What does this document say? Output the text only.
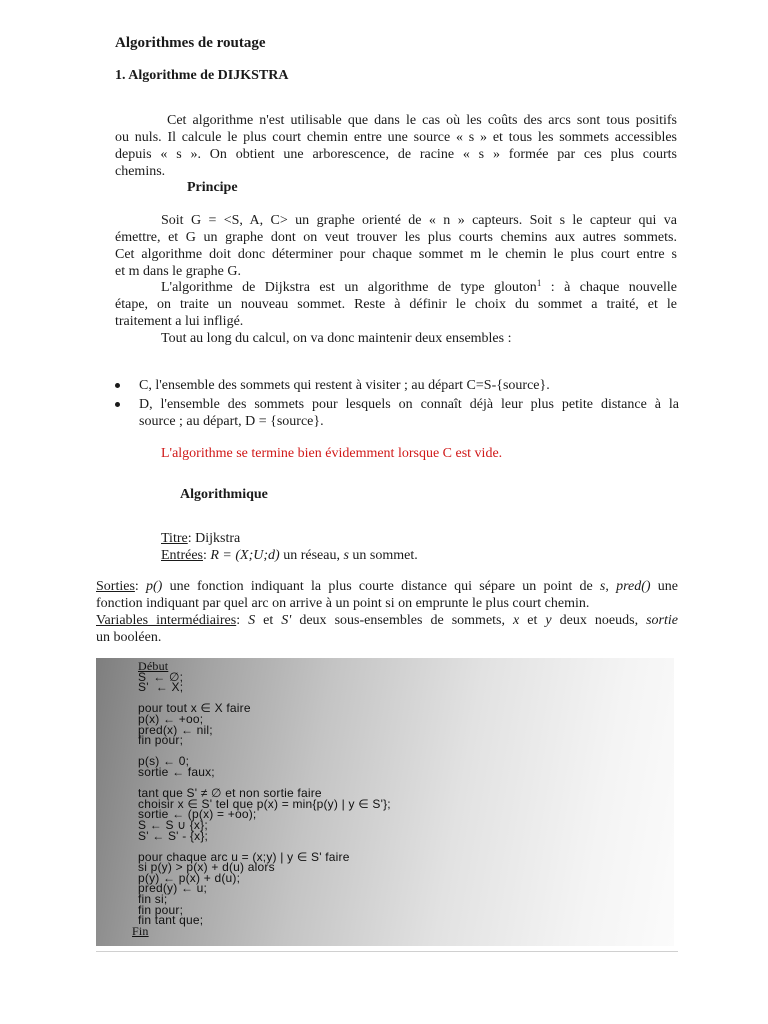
Algorithmes de routage
1. Algorithme de DIJKSTRA
Cet algorithme n'est utilisable que dans le cas où les coûts des arcs sont tous positifs
ou nuls. Il calcule le plus court chemin entre une source « s » et tous les sommets accessibles
depuis « s ». On obtient une arborescence, de racine « s » formée par ces plus courts
chemins.
Principe
Soit G = <S, A, C> un graphe orienté de « n » capteurs. Soit s le capteur qui va
émettre, et G un graphe dont on veut trouver les plus courts chemins aux autres sommets.
Cet algorithme doit donc déterminer pour chaque sommet m le chemin le plus court entre s
et m dans le graphe G.
L'algorithme de Dijkstra est un algorithme de type glouton$^1$ : à chaque nouvelle
étape, on traite un nouveau sommet. Reste à définir le choix du sommet a traité, et le
traitement a lui infligé.
Tout au long du calcul, on va donc maintenir deux ensembles :
C, l'ensemble des sommets qui restent à visiter ; au départ C=S-{source}.
D, l'ensemble des sommets pour lesquels on connaît déjà leur plus petite distance à la
source ; au départ, D = {source}.
L'algorithme se termine bien évidemment lorsque C est vide.
Algorithmique
Titre: Dijkstra
Entrées: R = (X;U;d) un réseau, s un sommet.
Sorties: p() une fonction indiquant la plus courte distance qui sépare un point de s, pred() une
fonction indiquant par quel arc on arrive à un point si on emprunte le plus court chemin.
Variables intermédiaires: S et S' deux sous-ensembles de sommets, x et y deux noeuds, sortie
un booléen.
Début
S  ← ∅;
S'  ← X;

pour tout x ∈ X faire
p(x) ← +oo;
pred(x) ← nil;
fin pour;

p(s) ← 0;
sortie ← faux;

tant que S' ≠ ∅ et non sortie faire
choisir x ∈ S' tel que p(x) = min{p(y) | y ∈ S'};
sortie ← (p(x) = +oo);
S ← S ∪ {x};
S' ← S' - {x};

pour chaque arc u = (x;y) | y ∈ S' faire
si p(y) > p(x) + d(u) alors
p(y) ← p(x) + d(u);
pred(y) ← u;
fin si;
fin pour;
fin tant que;
Fin
